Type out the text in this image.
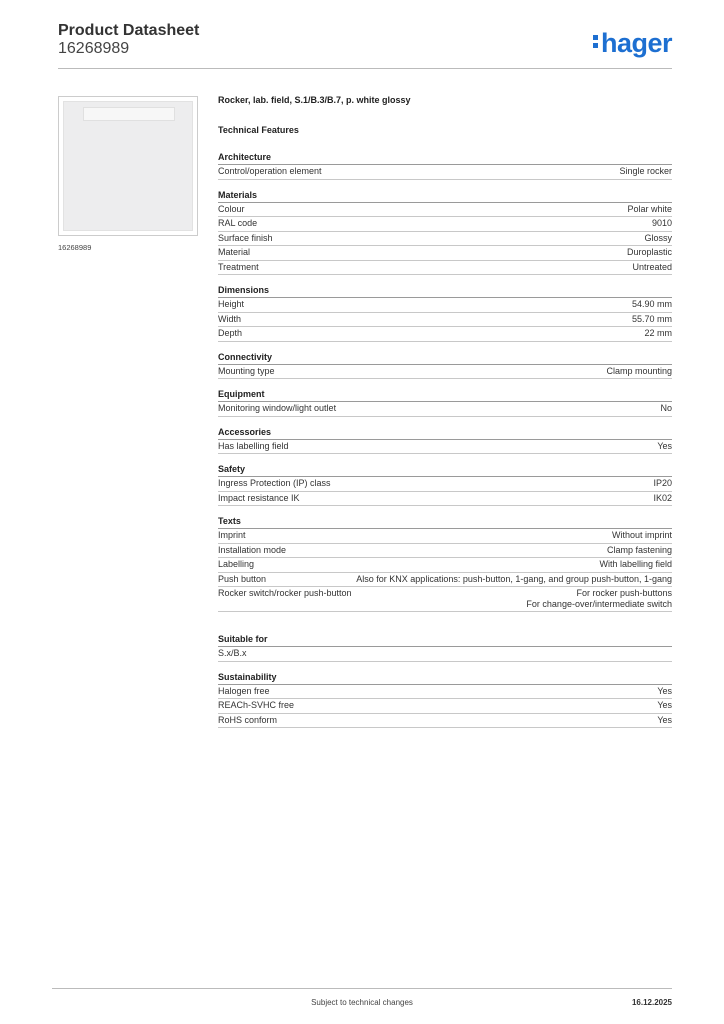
Product Datasheet
16268989	hager
16268989
Rocker, lab. field, S.1/B.3/B.7, p. white glossy
Technical Features
Architecture
Control/operation element	Single rocker
Materials
Colour	Polar white
RAL code	9010
Surface finish	Glossy
Material	Duroplastic
Treatment	Untreated
Dimensions
Height	54.90 mm
Width	55.70 mm
Depth	22 mm
Connectivity
Mounting type	Clamp mounting
Equipment
Monitoring window/light outlet	No
Accessories
Has labelling field	Yes
Safety
Ingress Protection (IP) class	IP20
Impact resistance IK	IK02
Texts
Imprint	Without imprint
Installation mode	Clamp fastening
Labelling	With labelling field
Push button	Also for KNX applications: push-button, 1-gang, and group push-button, 1-gang
Rocker switch/rocker push-button	For rocker push-buttons
For change-over/intermediate switch
Suitable for
S.x/B.x
Sustainability
Halogen free	Yes
REACh-SVHC free	Yes
RoHS conform	Yes
Subject to technical changes	16.12.2025
